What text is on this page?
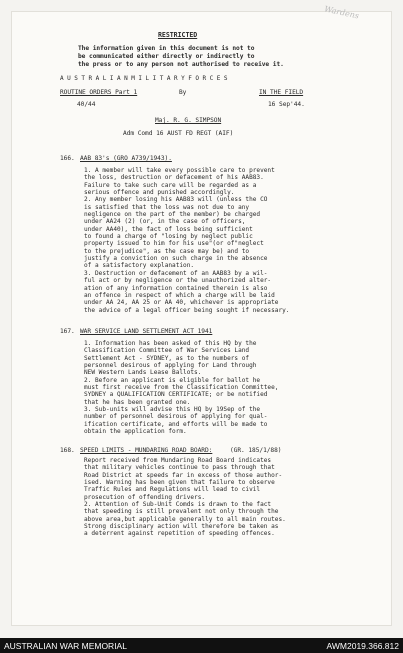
Wardens
RESTRICTED
The information given in this document is not to
be communicated either directly or indirectly to
the press or to any person not authorised to receive it.
A U S T R A L I A N M I L I T A R Y F O R C E S
ROUTINE ORDERS Part 1	By	IN THE FIELD
40/44	16 Sep'44.
Maj. R. G. SIMPSON
Adm Comd 16 AUST FD REGT (AIF)
166. AAB 83's (GRO A739/1943).
1. A member will take every possible care to prevent
the loss, destruction or defacement of his AAB83.
Failure to take such care will be regarded as a
serious offence and punished accordingly.
2. Any member losing his AAB83 will (unless the CO
is satisfied that the loss was not due to any
negligence on the part of the member) be charged
under AA24 (2) (or, in the case of officers,
under AA40), the fact of loss being sufficient
to found a charge of "losing by neglect public
property issued to him for his use"(or of"neglect
to the prejudice", as the case may be) and to
justify a conviction on such charge in the absence
of a satisfactory explanation.
3. Destruction or defacement of an AAB83 by a wil-
ful act or by negligence or the unauthorized alter-
ation of any information contained therein is also
an offence in respect of which a charge will be laid
under AA 24, AA 25 or AA 40, whichever is appropriate
the advice of a legal officer being sought if necessary.
167. WAR SERVICE LAND SETTLEMENT ACT 1941
1. Information has been asked of this HQ by the
Classification Committee of War Services Land
Settlement Act - SYDNEY, as to the numbers of
personnel desirous of applying for Land through
NEW Western Lands Lease Ballots.
2. Before an applicant is eligible for ballot he
must first receive from the Classification Committee,
SYDNEY a QUALIFICATION CERTIFICATE; or be notified
that he has been granted one.
3. Sub-units will advise this HQ by 19Sep of the
number of personnel desirous of applying for qual-
ification certificate, and efforts will be made to
obtain the application form.
168. SPEED LIMITS - MUNDARING ROAD BOARD:	(GR. 185/1/88)
Report received from Mundaring Road Board indicates
that military vehicles continue to pass through that
Road District at speeds far in excess of those author-
ised. Warning has been given that failure to observe
Traffic Rules and Regulations will lead to civil
prosecution of offending drivers.
2. Attention of Sub-Unit Comds is drawn to the fact
that speeding is still prevalent not only through the
above area,but applicable generally to all main routes.
Strong disciplinary action will therefore be taken as
a deterrent against repetition of speeding offences.
AUSTRALIAN WAR MEMORIAL	AWM2019.366.812
